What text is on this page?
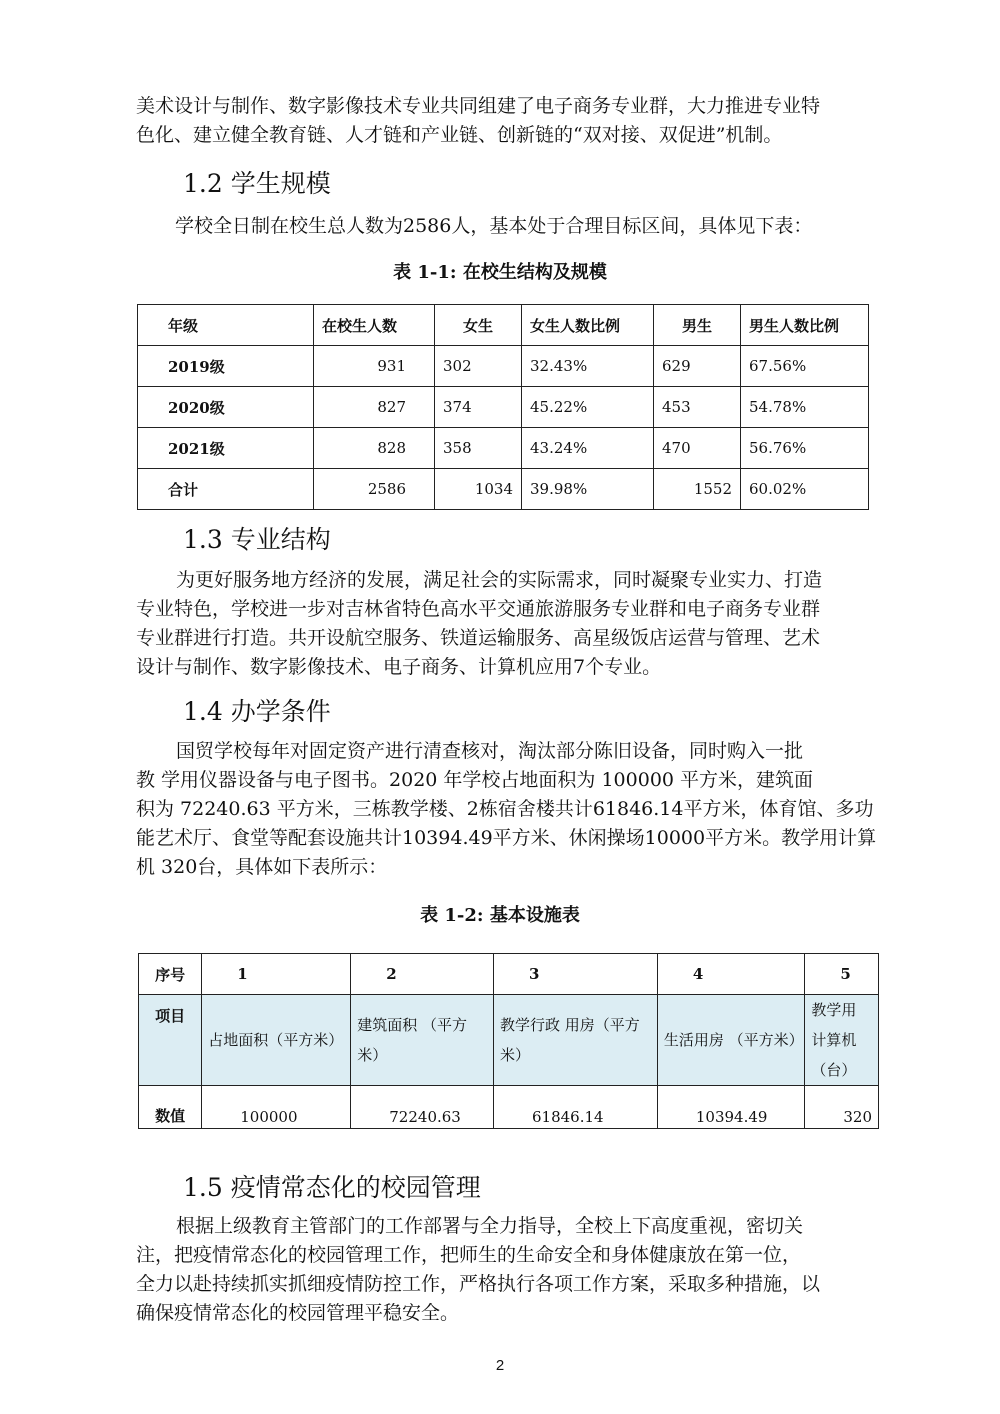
美术设计与制作、数字影像技术专业共同组建了电子商务专业群，大力推进专业特
色化、建立健全教育链、人才链和产业链、创新链的“双对接、双促进”机制。
1.2 学生规模

学校全日制在校生总人数为2586人，基本处于合理目标区间，具体见下表：

表 1-1: 在校生结构及规模

年级	在校生人数	女生	女生人数比例	男生	男生人数比例
2019级	931	302	32.43%	629	67.56%
2020级	827	374	45.22%	453	54.78%
2021级	828	358	43.24%	470	56.76%
合计	2586	1034	39.98%	1552	60.02%
1.3 专业结构
为更好服务地方经济的发展，满足社会的实际需求，同时凝聚专业实力、打造
专业特色，学校进一步对吉林省特色高水平交通旅游服务专业群和电子商务专业群
专业群进行打造。共开设航空服务、铁道运输服务、高星级饭店运营与管理、艺术
设计与制作、数字影像技术、电子商务、计算机应用7个专业。
1.4 办学条件
国贸学校每年对固定资产进行清查核对，淘汰部分陈旧设备，同时购入一批
教 学用仪器设备与电子图书。2020 年学校占地面积为 100000 平方米，建筑面
积为 72240.63 平方米，三栋教学楼、2栋宿舍楼共计61846.14平方米，体育馆、多功
能艺术厅、食堂等配套设施共计10394.49平方米、休闲操场10000平方米。教学用计算
机 320台，具体如下表所示：

表 1-2: 基本设施表

序号	1	2	3	4	5
项目	占地面积（平方米）	建筑面积 （平方米）	教学行政 用房（平方米）	生活用房 （平方米）	教学用 计算机（台）
数值	100000	72240.63	61846.14	10394.49	320
1.5 疫情常态化的校园管理
根据上级教育主管部门的工作部署与全力指导，全校上下高度重视，密切关
注，把疫情常态化的校园管理工作，把师生的生命安全和身体健康放在第一位，
全力以赴持续抓实抓细疫情防控工作，严格执行各项工作方案，采取多种措施，以
确保疫情常态化的校园管理平稳安全。
2
